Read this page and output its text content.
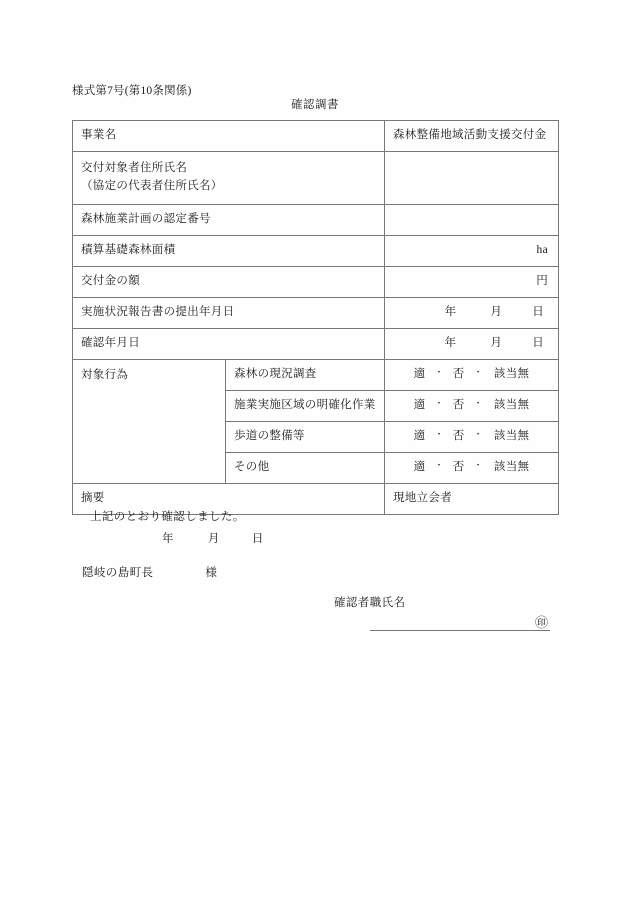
様式第7号(第10条関係)
確認調書
事業名		森林整備地域活動支援交付金
交付対象者住所氏名
（協定の代表者住所氏名）		
森林施業計画の認定番号		
積算基礎森林面積		ha
交付金の額		円
実施状況報告書の提出年月日		年 月 日

確認年月日		年 月 日

対象行為	森林の現況調査	適 ・ 否 ・ 該当無

	施業実施区域の明確化作業	適 ・ 否 ・ 該当無

	歩道の整備等	適 ・ 否 ・ 該当無

	その他	適 ・ 否 ・ 該当無

摘要		現地立会者
上記のとおり確認しました。
年	月	日
隠岐の島町長	様
確認者職氏名
㊞
